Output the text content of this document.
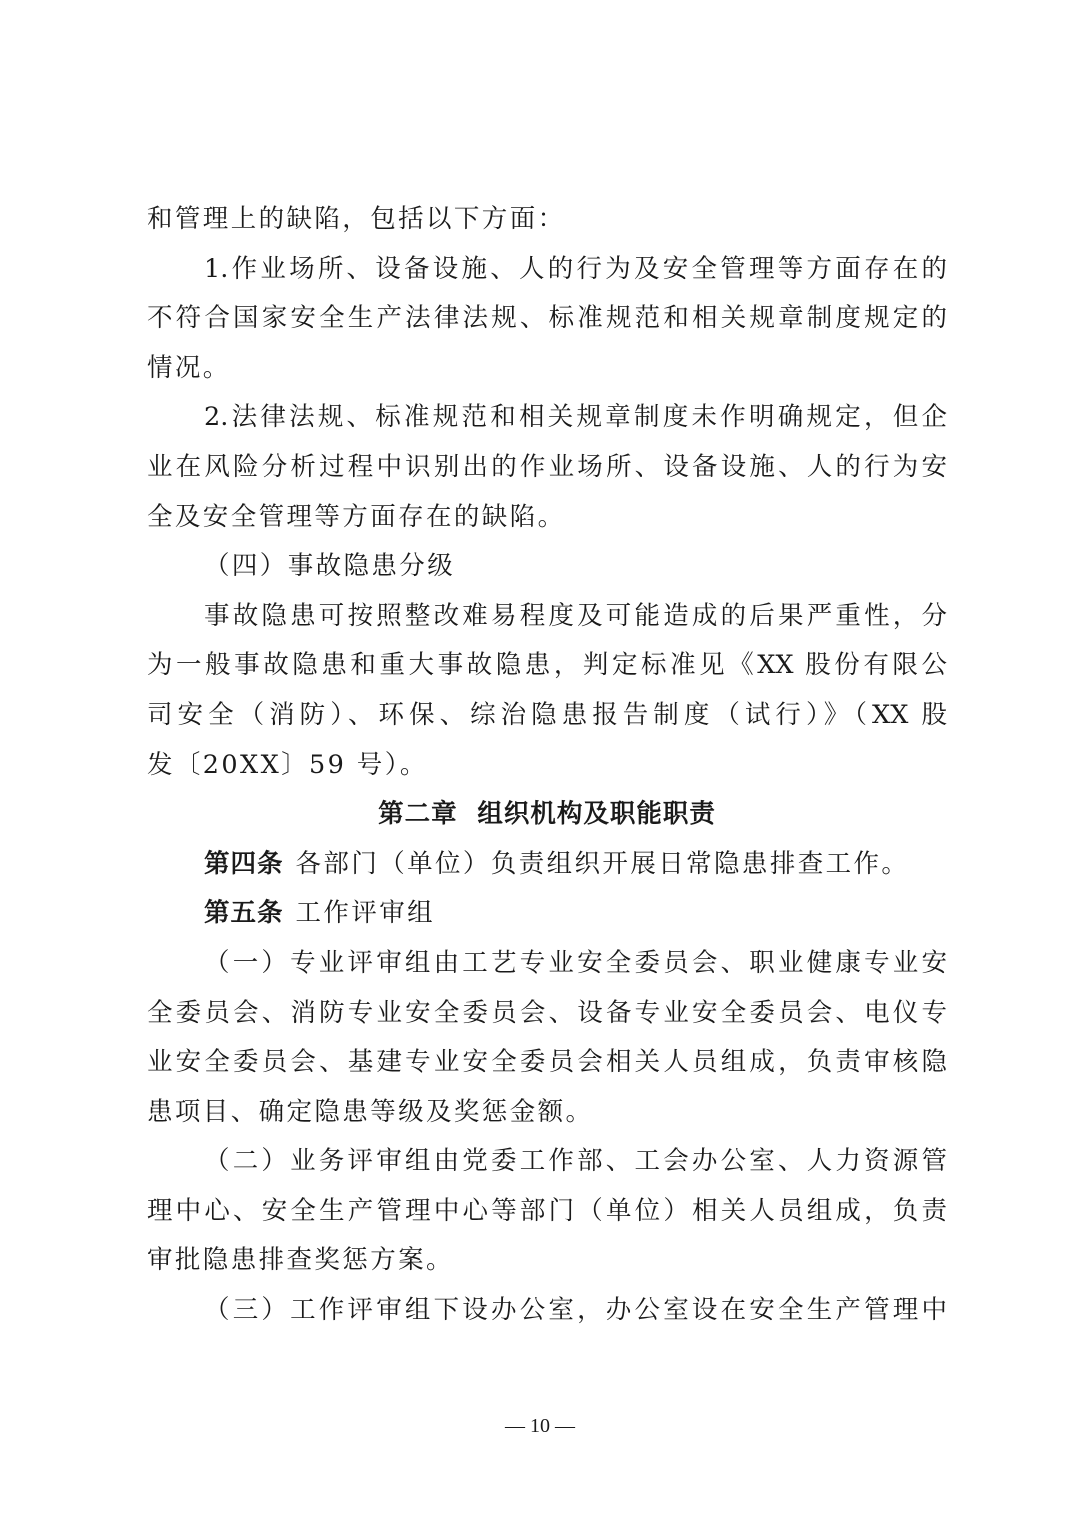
和管理上的缺陷，包括以下方面：
1.作业场所、设备设施、人的行为及安全管理等方面存在的
不符合国家安全生产法律法规、标准规范和相关规章制度规定的
情况。
2.法律法规、标准规范和相关规章制度未作明确规定，但企
业在风险分析过程中识别出的作业场所、设备设施、人的行为安
全及安全管理等方面存在的缺陷。
（四）事故隐患分级
事故隐患可按照整改难易程度及可能造成的后果严重性，分
为一般事故隐患和重大事故隐患，判定标准见《XX 股份有限公
司安全（消防）、环保、综治隐患报告制度（试行）》（XX 股
发〔20XX〕59 号）。
第二章  组织机构及职能职责
第四条 各部门（单位）负责组织开展日常隐患排查工作。
第五条 工作评审组
（一）专业评审组由工艺专业安全委员会、职业健康专业安
全委员会、消防专业安全委员会、设备专业安全委员会、电仪专
业安全委员会、基建专业安全委员会相关人员组成，负责审核隐
患项目、确定隐患等级及奖惩金额。
（二）业务评审组由党委工作部、工会办公室、人力资源管
理中心、安全生产管理中心等部门（单位）相关人员组成，负责
审批隐患排查奖惩方案。
（三）工作评审组下设办公室，办公室设在安全生产管理中
— 10 —
